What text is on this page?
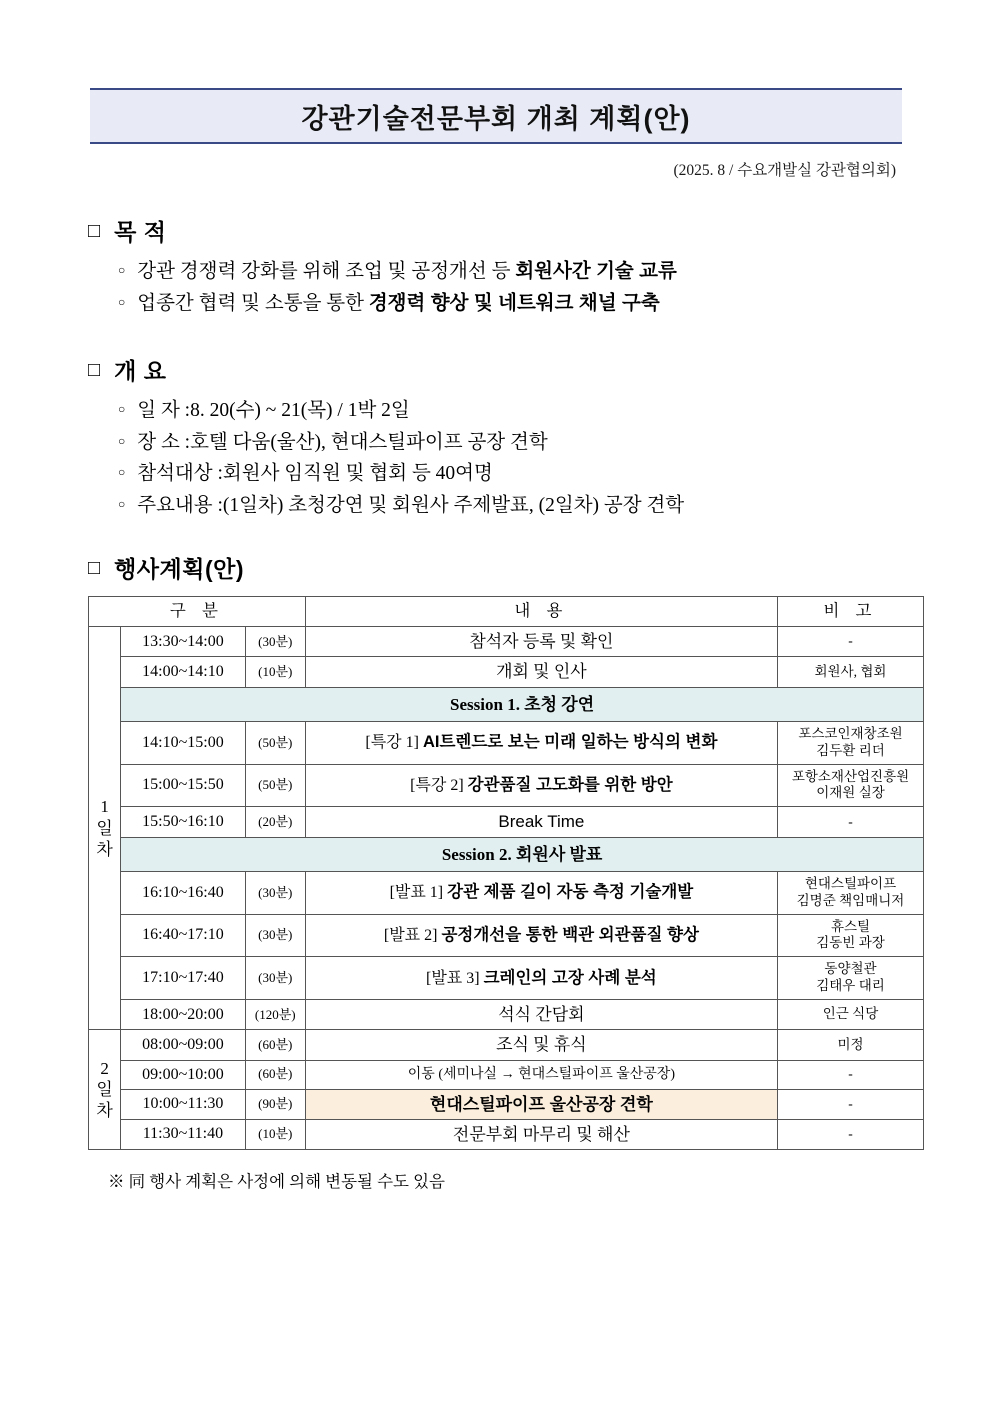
강관기술전문부회 개최 계획(안)
(2025. 8 / 수요개발실 강관협의회)
□ 목 적
○ 강관 경쟁력 강화를 위해 조업 및 공정개선 등 회원사간 기술 교류
○ 업종간 협력 및 소통을 통한 경쟁력 향상 및 네트워크 채널 구축
□ 개 요
○ 일 자 :8. 20(수) ~ 21(목) / 1박 2일
○ 장 소 :호텔 다움(울산), 현대스틸파이프 공장 견학
○ 참석대상 :회원사 임직원 및 협회 등 40여명
○ 주요내용 :(1일차) 초청강연 및 회원사 주제발표, (2일차) 공장 견학
□ 행사계획(안)
구 분			내 용	비 고

1
일
차	13:30~14:00	(30분)	참석자 등록 및 확인	-
	14:00~14:10	(10분)	개회 및 인사	회원사, 협회
	Session 1. 초청 강연			
	14:10~15:00	(50분)	[특강 1] AI트렌드로 보는 미래 일하는 방식의 변화	포스코인재창조원
김두환 리더

	15:00~15:50	(50분)	[특강 2] 강관품질 고도화를 위한 방안	포항소재산업진흥원
이재원 실장

	15:50~16:10	(20분)	Break Time	-
	Session 2. 회원사 발표			
	16:10~16:40	(30분)	[발표 1] 강관 제품 길이 자동 측정 기술개발	현대스틸파이프
김명준 책임매니저

	16:40~17:10	(30분)	[발표 2] 공정개선을 통한 백관 외관품질 향상	휴스틸
김동빈 과장

	17:10~17:40	(30분)	[발표 3] 크레인의 고장 사례 분석	동양철관
김태우 대리

	18:00~20:00	(120분)	석식 간담회	인근 식당

2
일
차	08:00~09:00	(60분)	조식 및 휴식	미정
	09:00~10:00	(60분)	이동 (세미나실 → 현대스틸파이프 울산공장)	-
	10:00~11:30	(90분)	현대스틸파이프 울산공장 견학	-
	11:30~11:40	(10분)	전문부회 마무리 및 해산	-
※ 同 행사 계획은 사정에 의해 변동될 수도 있음
